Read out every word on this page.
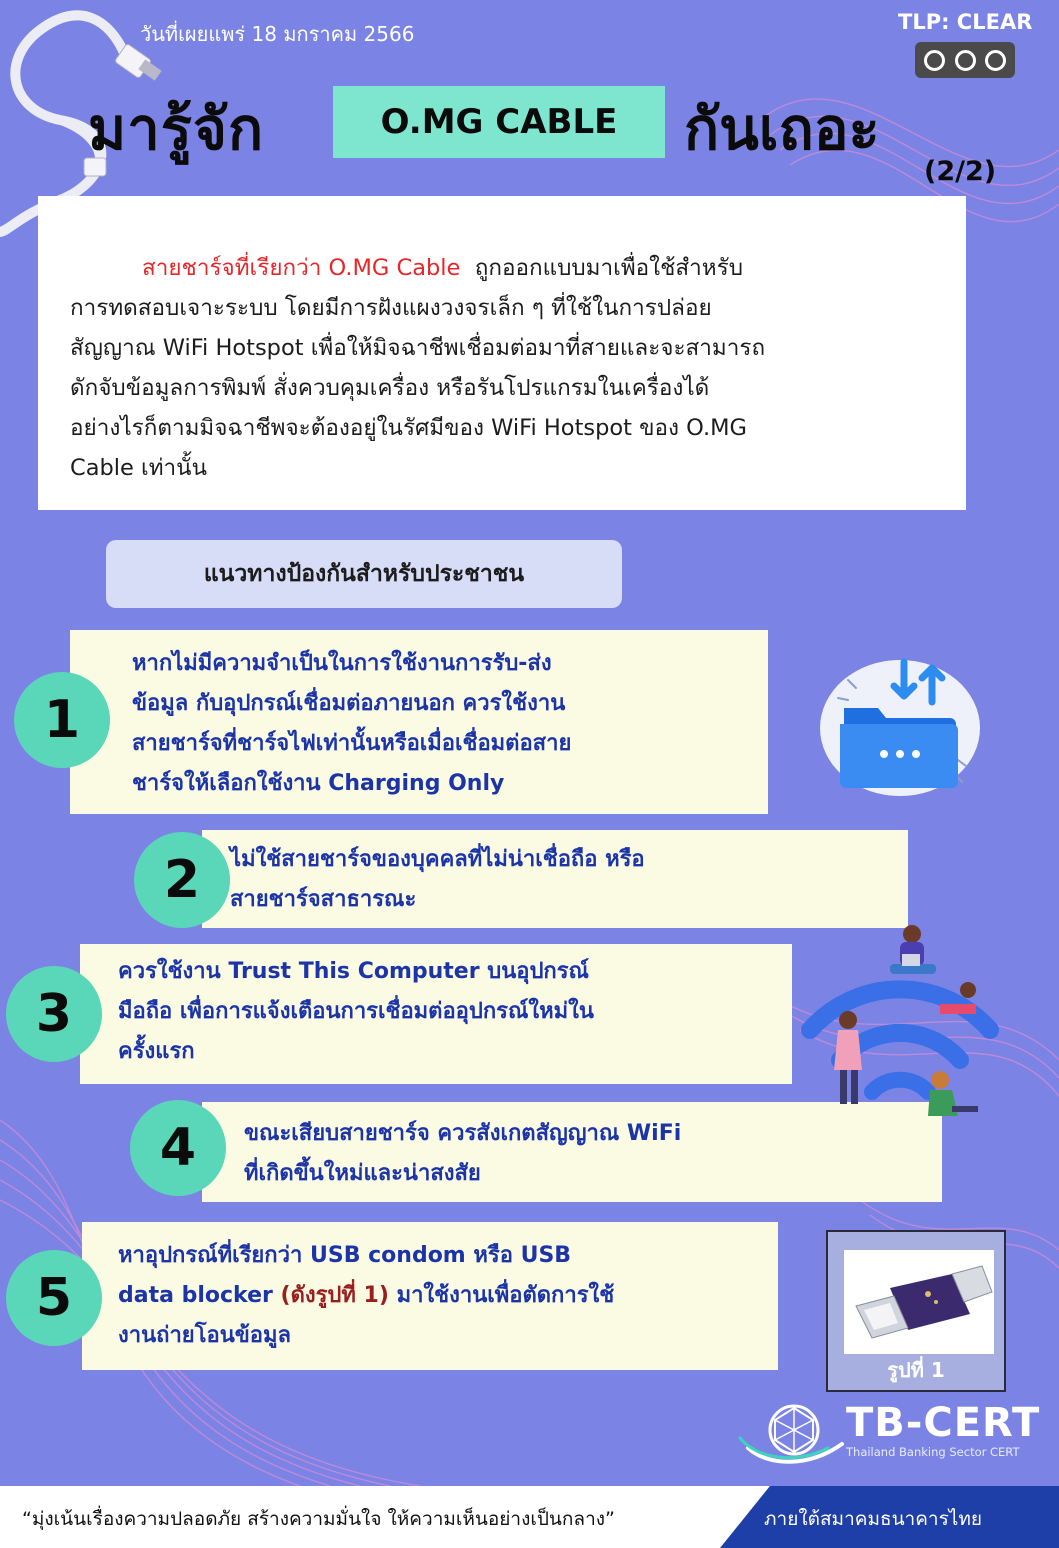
วันที่เผยแพร่ 18 มกราคม 2566	TLP: CLEAR
มารู้จัก	O.MG CABLE	กันเถอะ
(2/2)
สายชาร์จที่เรียกว่า O.MG Cable ถูกออกแบบมาเพื่อใช้สำหรับ
การทดสอบเจาะระบบ โดยมีการฝังแผงวงจรเล็ก ๆ ที่ใช้ในการปล่อย
สัญญาณ WiFi Hotspot เพื่อให้มิจฉาชีพเชื่อมต่อมาที่สายและจะสามารถ
ดักจับข้อมูลการพิมพ์ สั่งควบคุมเครื่อง หรือรันโปรแกรมในเครื่องได้
อย่างไรก็ตามมิจฉาชีพจะต้องอยู่ในรัศมีของ WiFi Hotspot ของ O.MG
Cable เท่านั้น
แนวทางป้องกันสำหรับประชาชน
หากไม่มีความจำเป็นในการใช้งานการรับ-ส่ง
ข้อมูล กับอุปกรณ์เชื่อมต่อภายนอก ควรใช้งาน
สายชาร์จที่ชาร์จไฟเท่านั้นหรือเมื่อเชื่อมต่อสาย
ชาร์จให้เลือกใช้งาน Charging Only
1
ไม่ใช้สายชาร์จของบุคคลที่ไม่น่าเชื่อถือ หรือ
สายชาร์จสาธารณะ
2
ควรใช้งาน Trust This Computer บนอุปกรณ์
มือถือ เพื่อการแจ้งเตือนการเชื่อมต่ออุปกรณ์ใหม่ใน
ครั้งแรก
3
ขณะเสียบสายชาร์จ ควรสังเกตสัญญาณ WiFi
ที่เกิดขึ้นใหม่และน่าสงสัย
4
หาอุปกรณ์ที่เรียกว่า USB condom หรือ USB
data blocker (ดังรูปที่ 1) มาใช้งานเพื่อตัดการใช้
งานถ่ายโอนข้อมูล
5
รูปที่ 1
TB-CERT
Thailand Banking Sector CERT
“มุ่งเน้นเรื่องความปลอดภัย สร้างความมั่นใจ ให้ความเห็นอย่างเป็นกลาง”	ภายใต้สมาคมธนาคารไทย
